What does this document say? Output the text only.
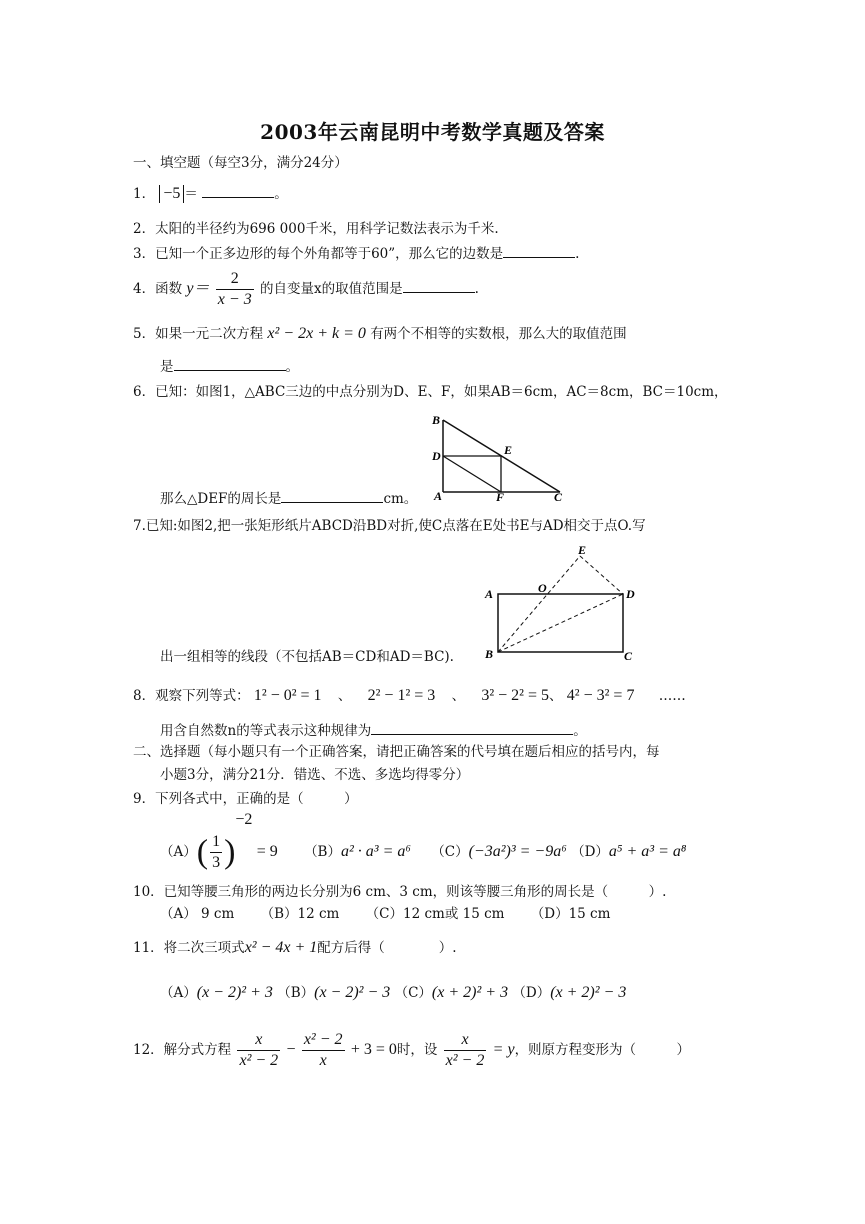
2003年云南昆明中考数学真题及答案
一、填空题（每空3分，满分24分）
1． −5 ＝	。
2．太阳的半径约为696 000千米，用科学记数法表示为千米.
3．已知一个正多边形的每个外角都等于60”，那么它的边数是	.
4．函数 $y= \frac{2}{x - 3}$ 的自变量x的取值范围是	.
5．如果一元二次方程 x² − 2x + k = 0 有两个不相等的实数根，那么大的取值范围
是	。
6．已知：如图1，△ABC三边的中点分别为D、E、F，如果AB＝6cm，AC＝8cm，BC＝10cm，
B
D
A
E
F	C
那么△DEF的周长是	cm。
7.已知:如图2,把一张矩形纸片ABCD沿BD对折,使C点落在E处书E与AD相交于点O.写
E
A	O	D
B	C
出一组相等的线段（不包括AB＝CD和AD＝BC).
8．观察下列等式： 1² − 0² = 1 、 2² − 1² = 3 、 3² − 2² = 5、 4² − 3² = 7 ……
用含自然数n的等式表示这种规律为	。
二、选择题（每小题只有一个正确答案，请把正确答案的代号填在题后相应的括号内，每
小题3分，满分21分．错选、不选、多选均得零分）
9．下列各式中，正确的是（　　　）
$(A)( \frac{1}{3} )^{-2} = 9$ （B）a² · a³ = a⁶ （C）(−3a²)³ = −9a⁶ （D）a⁵ + a³ = a⁸
10．已知等腰三角形的两边长分别为6 cm、3 cm，则该等腰三角形的周长是（　　　）.
（A） 9 cm （B）12 cm （C）12 cm或 15 cm （D）15 cm
11．将二次三项式x² − 4x + 1配方后得（　　　　）.
（A）(x − 2)² + 3 （B）(x − 2)² − 3 （C）(x + 2)² + 3 （D）(x + 2)² − 3
12．解分式方程 $\frac{x}{\text{x² − 2}} - \frac{\text{x² − 2}}{x} + 3 = 0$时，设 $\frac{x}{\text{x² − 2}} = y$，则原方程变形为（　　　）
